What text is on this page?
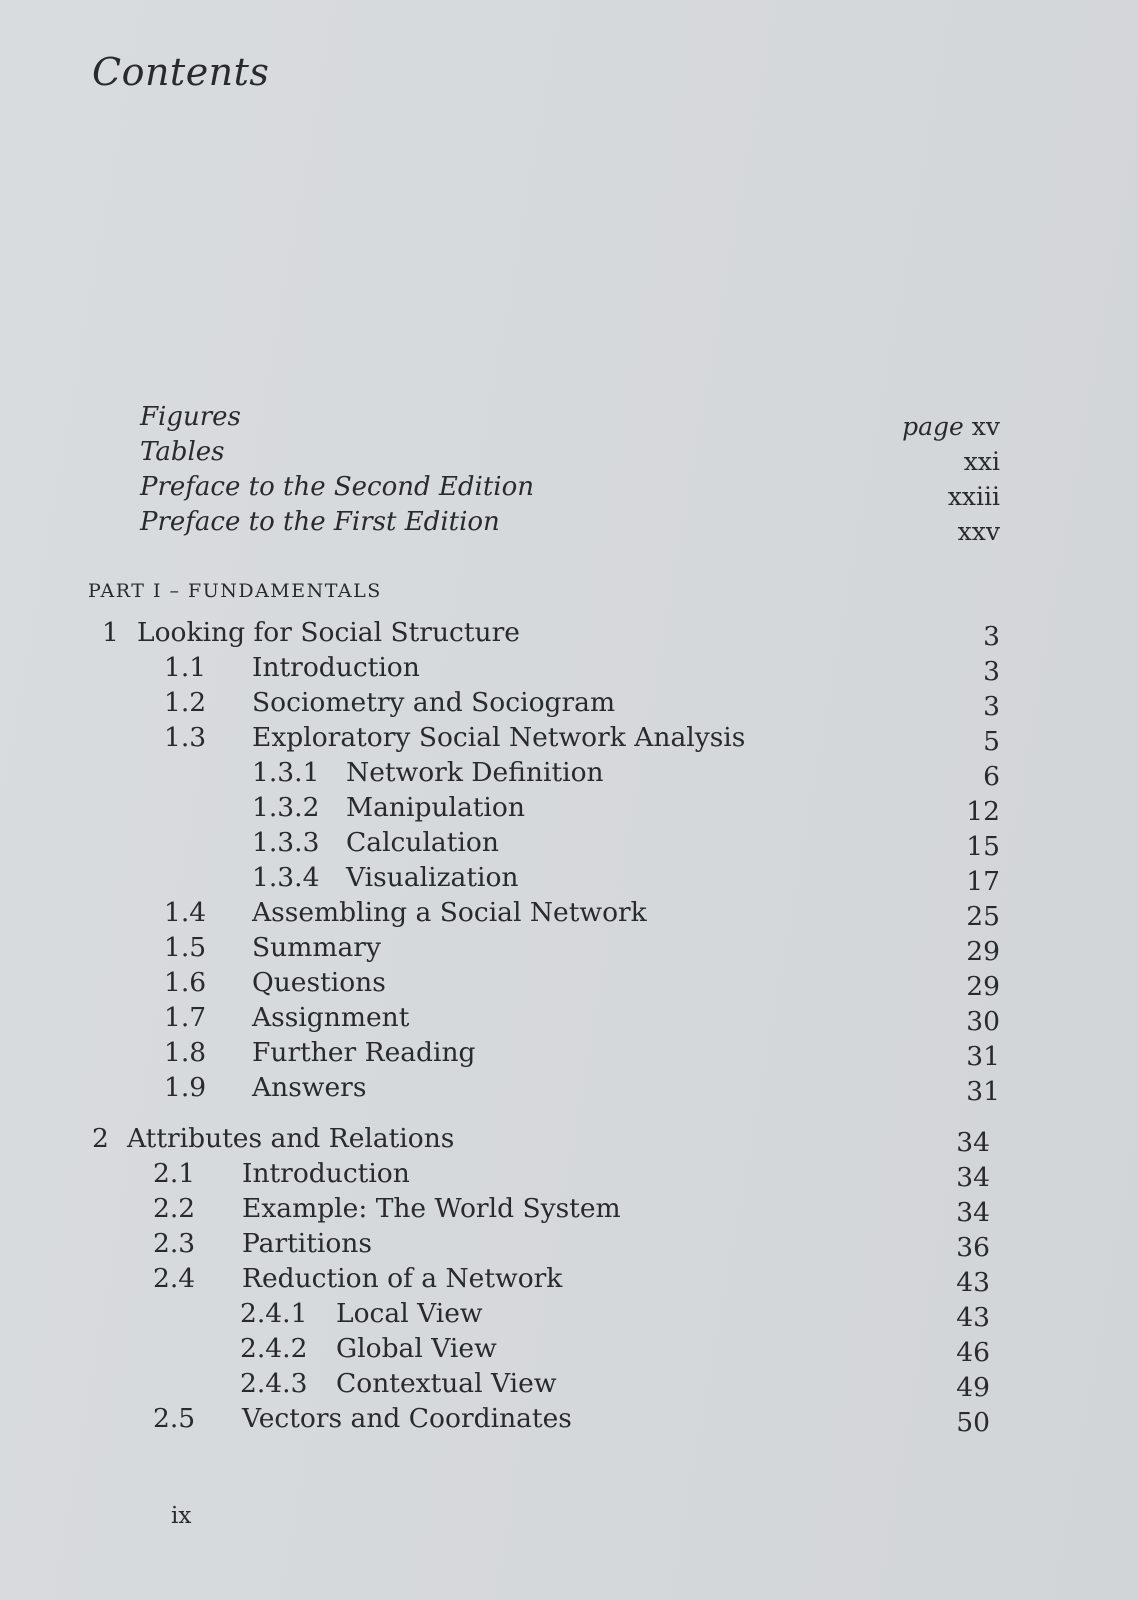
Contents
Figures	page xv
Tables	xxi
Preface to the Second Edition	xxiii
Preface to the First Edition	xxv
PART I – FUNDAMENTALS
1 Looking for Social Structure	3
1.1 Introduction	3
1.2 Sociometry and Sociogram	3
1.3 Exploratory Social Network Analysis	5
1.3.1 Network Definition	6
1.3.2 Manipulation	12
1.3.3 Calculation	15
1.3.4 Visualization	17
1.4 Assembling a Social Network	25
1.5 Summary	29
1.6 Questions	29
1.7 Assignment	30
1.8 Further Reading	31
1.9 Answers	31
2 Attributes and Relations	34
2.1 Introduction	34
2.2 Example: The World System	34
2.3 Partitions	36
2.4 Reduction of a Network	43
2.4.1 Local View	43
2.4.2 Global View	46
2.4.3 Contextual View	49
2.5 Vectors and Coordinates	50
ix
